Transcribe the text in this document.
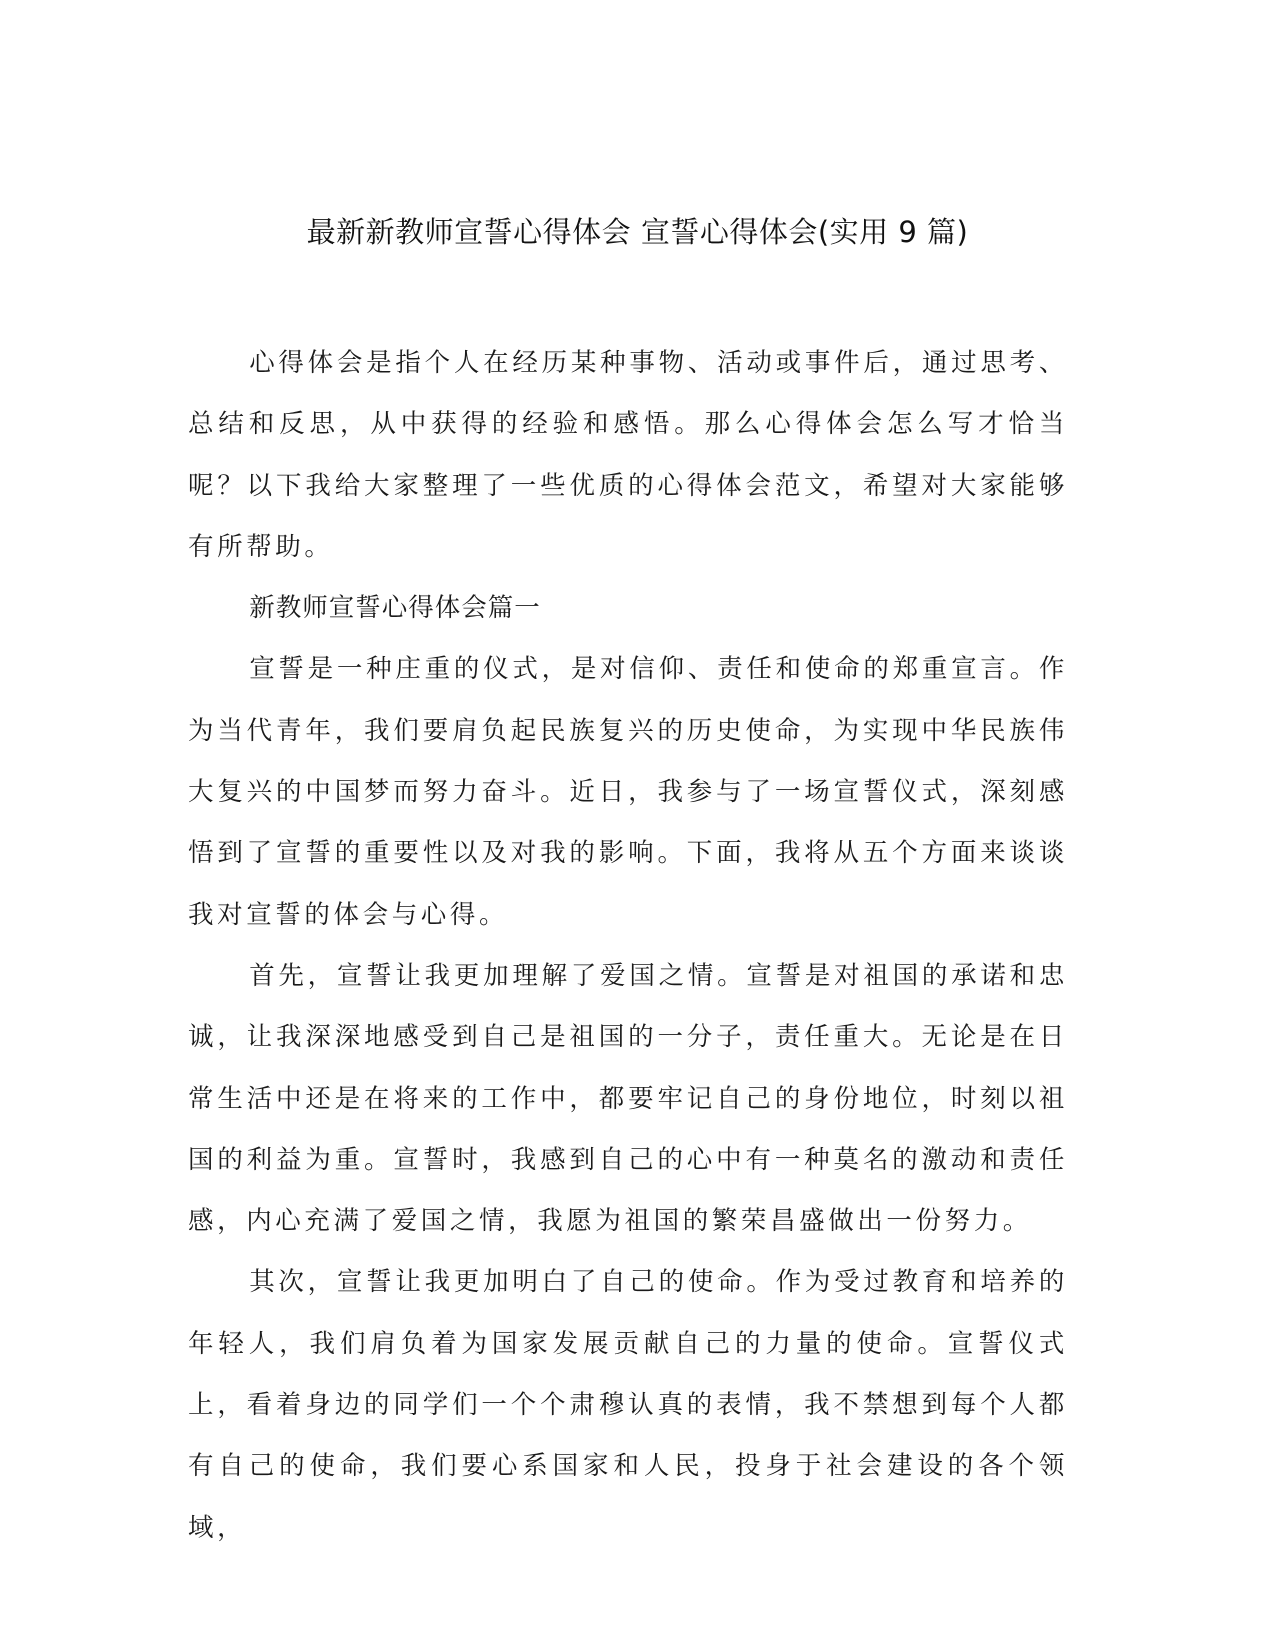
最新新教师宣誓心得体会 宣誓心得体会(实用 9 篇)

心得体会是指个人在经历某种事物、活动或事件后，通过思考、总结和反思，从中获得的经验和感悟。那么心得体会怎么写才恰当呢？以下我给大家整理了一些优质的心得体会范文，希望对大家能够有所帮助。

新教师宣誓心得体会篇一

宣誓是一种庄重的仪式，是对信仰、责任和使命的郑重宣言。作为当代青年，我们要肩负起民族复兴的历史使命，为实现中华民族伟大复兴的中国梦而努力奋斗。近日，我参与了一场宣誓仪式，深刻感悟到了宣誓的重要性以及对我的影响。下面，我将从五个方面来谈谈我对宣誓的体会与心得。

首先，宣誓让我更加理解了爱国之情。宣誓是对祖国的承诺和忠诚，让我深深地感受到自己是祖国的一分子，责任重大。无论是在日常生活中还是在将来的工作中，都要牢记自己的身份地位，时刻以祖国的利益为重。宣誓时，我感到自己的心中有一种莫名的激动和责任感，内心充满了爱国之情，我愿为祖国的繁荣昌盛做出一份努力。

其次，宣誓让我更加明白了自己的使命。作为受过教育和培养的年轻人，我们肩负着为国家发展贡献自己的力量的使命。宣誓仪式上，看着身边的同学们一个个肃穆认真的表情，我不禁想到每个人都有自己的使命，我们要心系国家和人民，投身于社会建设的各个领域，
